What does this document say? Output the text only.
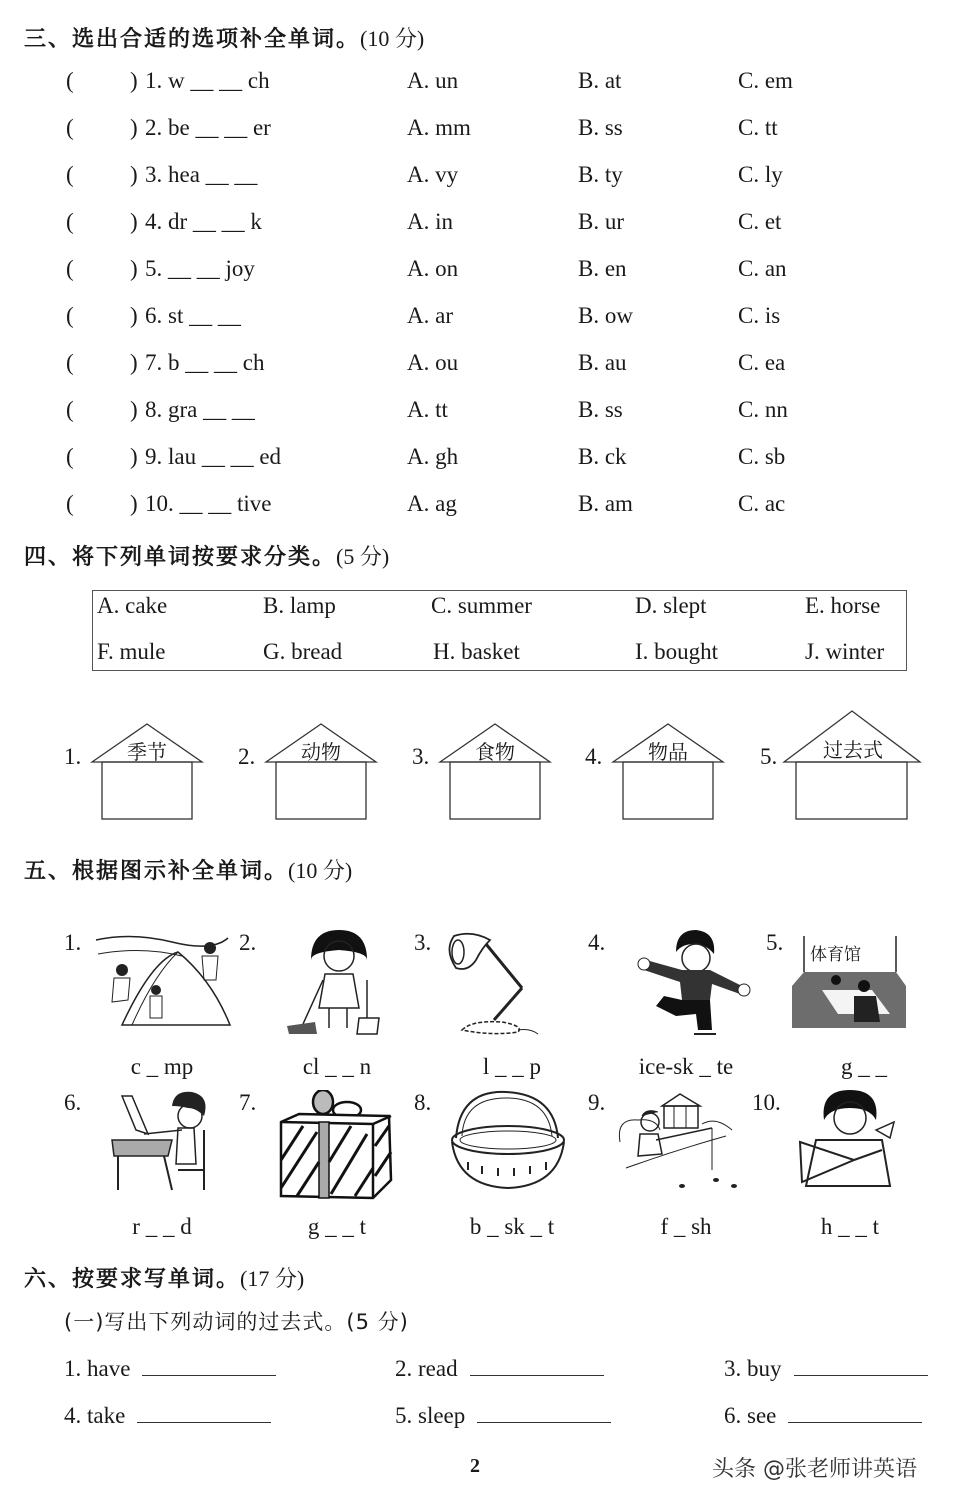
三、选出合适的选项补全单词。(10 分)
( ) 1. w __ __ ch	A. un	B. at	C. em
( ) 2. be __ __ er	A. mm	B. ss	C. tt
( ) 3. hea __ __	A. vy	B. ty	C. ly
( ) 4. dr __ __ k	A. in	B. ur	C. et
( ) 5. __ __ joy	A. on	B. en	C. an
( ) 6. st __ __	A. ar	B. ow	C. is
( ) 7. b __ __ ch	A. ou	B. au	C. ea
( ) 8. gra __ __	A. tt	B. ss	C. nn
( ) 9. lau __ __ ed	A. gh	B. ck	C. sb
( ) 10. __ __ tive	A. ag	B. am	C. ac
四、将下列单词按要求分类。(5 分)
A. cake	B. lamp	C. summer	D. slept	E. horse
F. mule	G. bread	H. basket	I. bought	J. winter
1.	季节	2.	动物	3.	食物	4.	物品	5.	过去式
五、根据图示补全单词。(10 分)
1.
c _ mp
2.
cl _ _ n
3.
l _ _ p
4.
ice-sk _ te
5. 体育馆
g _ _
6.
r _ _ d
7.
g _ _ t
8.
b _ sk _ t
9.
f _ sh
10.
h _ _ t
六、按要求写单词。(17 分)
(一)写出下列动词的过去式。(5 分)
1. have	2. read	3. buy
4. take	5. sleep	6. see
2	头条 @张老师讲英语
